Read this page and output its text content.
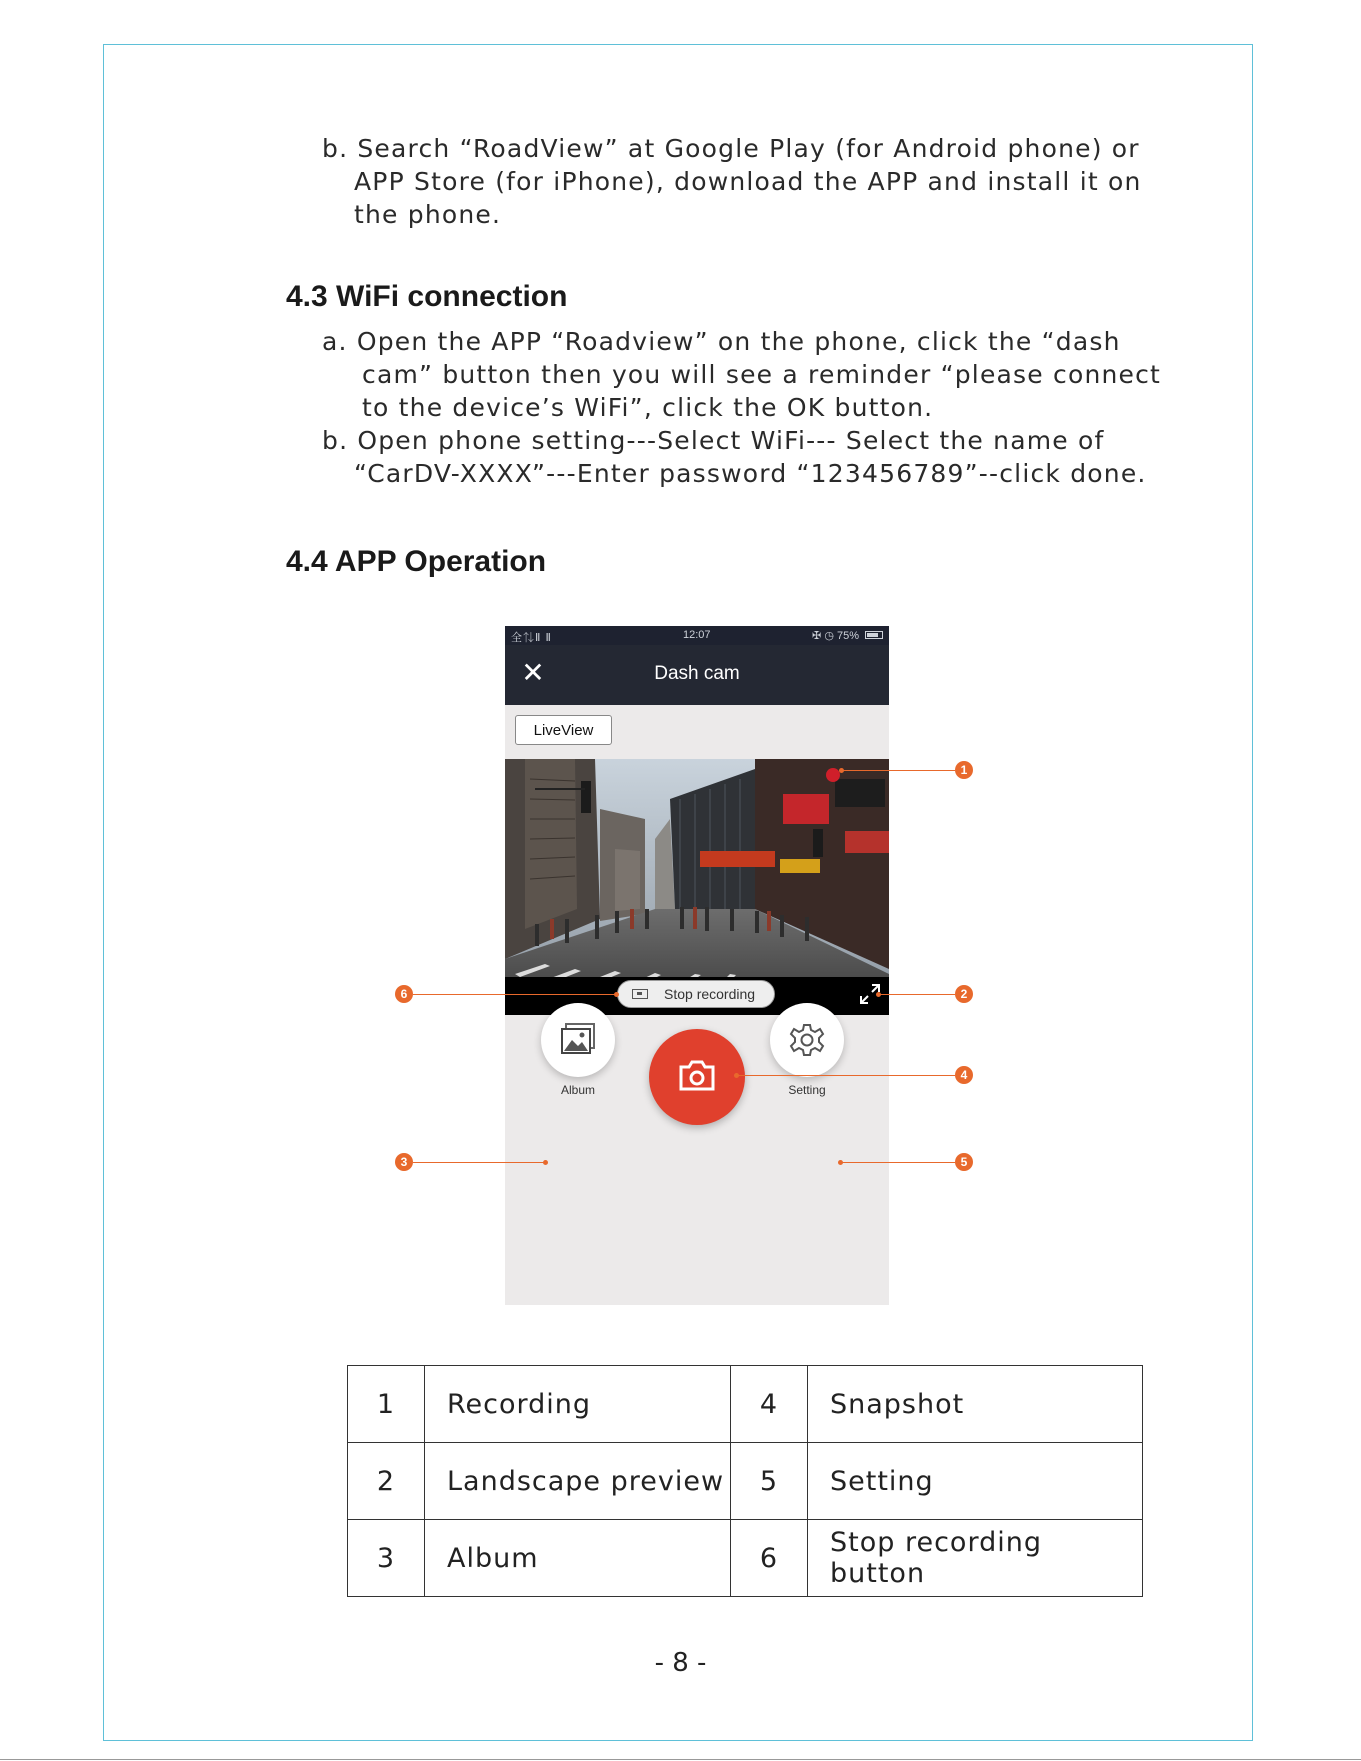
b. Search “RoadView” at Google Play (for Android phone) or
APP Store (for iPhone), download the APP and install it on
the phone.
4.3 WiFi connection
a. Open the APP “Roadview” on the phone, click the “dash
cam” button then you will see a reminder “please connect
to the device’s WiFi”, click the OK button.
b. Open phone setting---Select WiFi--- Select the name of
“CarDV-XXXX”---Enter password “123456789”--click done.
4.4 APP Operation
全⇅Ⅱ Ⅱ	12:07	✠ ◷ 75%
✕	Dash cam
LiveView
Stop recording
Album	Setting
1
2
3
4
5
6
1	Recording	4	Snapshot
2	Landscape preview	5	Setting
3	Album	6	Stop recording button
- 8 -
